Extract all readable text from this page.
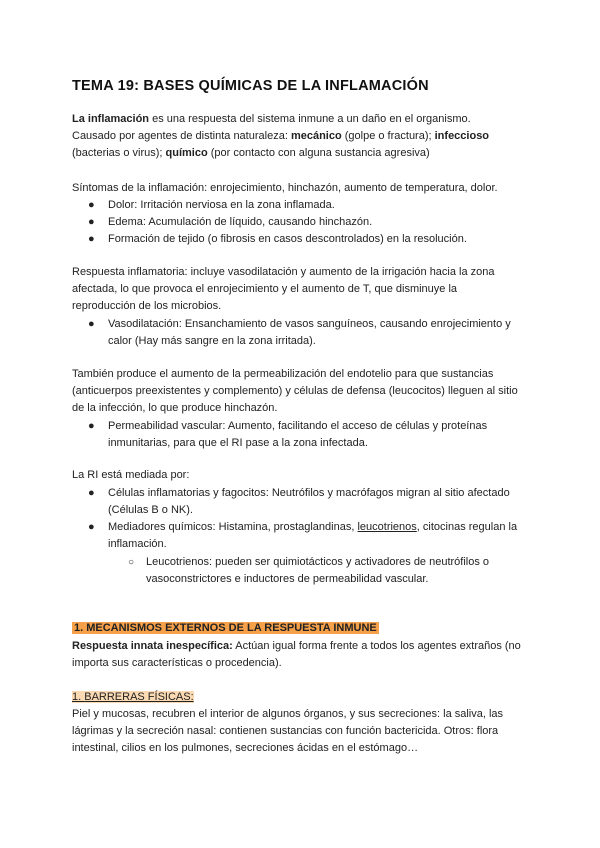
TEMA 19: BASES QUÍMICAS DE LA INFLAMACIÓN

La inflamación es una respuesta del sistema inmune a un daño en el organismo.

Causado por agentes de distinta naturaleza: mecánico (golpe o fractura); infeccioso

(bacterias o virus); químico (por contacto con alguna sustancia agresiva)

Síntomas de la inflamación: enrojecimiento, hinchazón, aumento de temperatura, dolor.

● Dolor: Irritación nerviosa en la zona inflamada.
● Edema: Acumulación de líquido, causando hinchazón.
● Formación de tejido (o fibrosis en casos descontrolados) en la resolución.

Respuesta inflamatoria: incluye vasodilatación y aumento de la irrigación hacia la zona

afectada, lo que provoca el enrojecimiento y el aumento de T, que disminuye la

reproducción de los microbios.

● Vasodilatación: Ensanchamiento de vasos sanguíneos, causando enrojecimiento y
calor (Hay más sangre en la zona irritada).

También produce el aumento de la permeabilización del endotelio para que sustancias

(anticuerpos preexistentes y complemento) y células de defensa (leucocitos) lleguen al sitio

de la infección, lo que produce hinchazón.

● Permeabilidad vascular: Aumento, facilitando el acceso de células y proteínas
inmunitarias, para que el RI pase a la zona infectada.

La RI está mediada por:

● Células inflamatorias y fagocitos: Neutrófilos y macrófagos migran al sitio afectado
(Células B o NK).
● Mediadores químicos: Histamina, prostaglandinas, leucotrienos, citocinas regulan la
inflamación.
○ Leucotrienos: pueden ser quimiotácticos y activadores de neutrófilos o
vasoconstrictores e inductores de permeabilidad vascular.

1. MECANISMOS EXTERNOS DE LA RESPUESTA INMUNE

Respuesta innata inespecífica: Actúan igual forma frente a todos los agentes extraños (no

importa sus características o procedencia).

1. BARRERAS FÍSICAS:

Piel y mucosas, recubren el interior de algunos órganos, y sus secreciones: la saliva, las

lágrimas y la secreción nasal: contienen sustancias con función bactericida. Otros: flora

intestinal, cilios en los pulmones, secreciones ácidas en el estómago…
